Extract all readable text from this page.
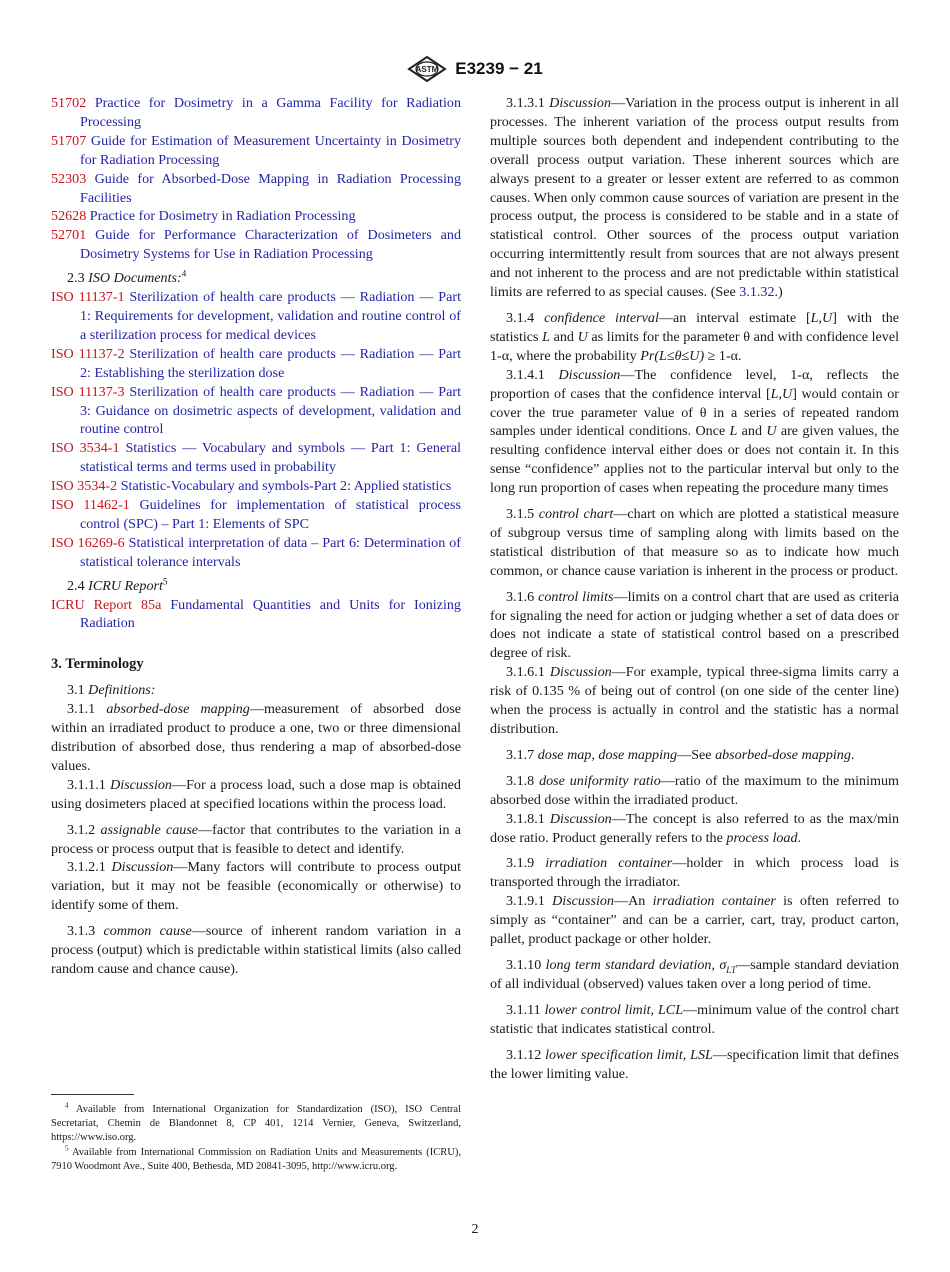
ASTM E3239 − 21

51702 Practice for Dosimetry in a Gamma Facility for Radiation Processing

51707 Guide for Estimation of Measurement Uncertainty in Dosimetry for Radiation Processing

52303 Guide for Absorbed-Dose Mapping in Radiation Processing Facilities

52628 Practice for Dosimetry in Radiation Processing

52701 Guide for Performance Characterization of Dosimeters and Dosimetry Systems for Use in Radiation Processing

2.3 ISO Documents:$^4$

ISO 11137-1 Sterilization of health care products — Radiation — Part 1: Requirements for development, validation and routine control of a sterilization process for medical devices

ISO 11137-2 Sterilization of health care products — Radiation — Part 2: Establishing the sterilization dose

ISO 11137-3 Sterilization of health care products — Radiation — Part 3: Guidance on dosimetric aspects of development, validation and routine control

ISO 3534-1 Statistics — Vocabulary and symbols — Part 1: General statistical terms and terms used in probability

ISO 3534-2 Statistic-Vocabulary and symbols-Part 2: Applied statistics

ISO 11462-1 Guidelines for implementation of statistical process control (SPC) – Part 1: Elements of SPC

ISO 16269-6 Statistical interpretation of data – Part 6: Determination of statistical tolerance intervals

2.4 ICRU Report$^5$

ICRU Report 85a Fundamental Quantities and Units for Ionizing Radiation

3. Terminology

3.1 Definitions:

3.1.1 absorbed-dose mapping—measurement of absorbed dose within an irradiated product to produce a one, two or three dimensional distribution of absorbed dose, thus rendering a map of absorbed-dose values.

3.1.1.1 Discussion—For a process load, such a dose map is obtained using dosimeters placed at specified locations within the process load.

3.1.2 assignable cause—factor that contributes to the variation in a process or process output that is feasible to detect and identify.

3.1.2.1 Discussion—Many factors will contribute to process output variation, but it may not be feasible (economically or otherwise) to identify some of them.

3.1.3 common cause—source of inherent random variation in a process (output) which is predictable within statistical limits (also called random cause and chance cause).

$^4$ Available from International Organization for Standardization (ISO), ISO Central Secretariat, Chemin de Blandonnet 8, CP 401, 1214 Vernier, Geneva, Switzerland, https://www.iso.org.

$^5$ Available from International Commission on Radiation Units and Measurements (ICRU), 7910 Woodmont Ave., Suite 400, Bethesda, MD 20841-3095, http://www.icru.org.

3.1.3.1 Discussion—Variation in the process output is inherent in all processes. The inherent variation of the process output results from multiple sources both dependent and independent contributing to the overall process output variation. These inherent sources which are always present to a greater or lesser extent are referred to as common causes. When only common cause sources of variation are present in the process output, the process is considered to be stable and in a state of statistical control. Other sources of the process output variation occurring intermittently result from sources that are not always present and not inherent to the process and are not predictable within statistical limits are referred to as special causes. (See 3.1.32.)

3.1.4 confidence interval—an interval estimate [L,U] with the statistics L and U as limits for the parameter θ and with confidence level 1-α, where the probability Pr(L≤θ≤U) ≥ 1-α.

3.1.4.1 Discussion—The confidence level, 1-α, reflects the proportion of cases that the confidence interval [L,U] would contain or cover the true parameter value of θ in a series of repeated random samples under identical conditions. Once L and U are given values, the resulting confidence interval either does or does not contain it. In this sense “confidence” applies not to the particular interval but only to the long run proportion of cases when repeating the procedure many times

3.1.5 control chart—chart on which are plotted a statistical measure of subgroup versus time of sampling along with limits based on the statistical distribution of that measure so as to indicate how much common, or chance cause variation is inherent in the process or product.

3.1.6 control limits—limits on a control chart that are used as criteria for signaling the need for action or judging whether a set of data does or does not indicate a state of statistical control based on a prescribed degree of risk.

3.1.6.1 Discussion—For example, typical three-sigma limits carry a risk of 0.135 % of being out of control (on one side of the center line) when the process is actually in control and the statistic has a normal distribution.

3.1.7 dose map, dose mapping—See absorbed-dose mapping.

3.1.8 dose uniformity ratio—ratio of the maximum to the minimum absorbed dose within the irradiated product.

3.1.8.1 Discussion—The concept is also referred to as the max/min dose ratio. Product generally refers to the process load.

3.1.9 irradiation container—holder in which process load is transported through the irradiator.

3.1.9.1 Discussion—An irradiation container is often referred to simply as “container” and can be a carrier, cart, tray, product carton, pallet, product package or other holder.

3.1.10 long term standard deviation, $\sigma_{LT}—sample$ standard deviation of all individual (observed) values taken over a long period of time.

3.1.11 lower control limit, LCL—minimum value of the control chart statistic that indicates statistical control.

3.1.12 lower specification limit, LSL—specification limit that defines the lower limiting value.

2
